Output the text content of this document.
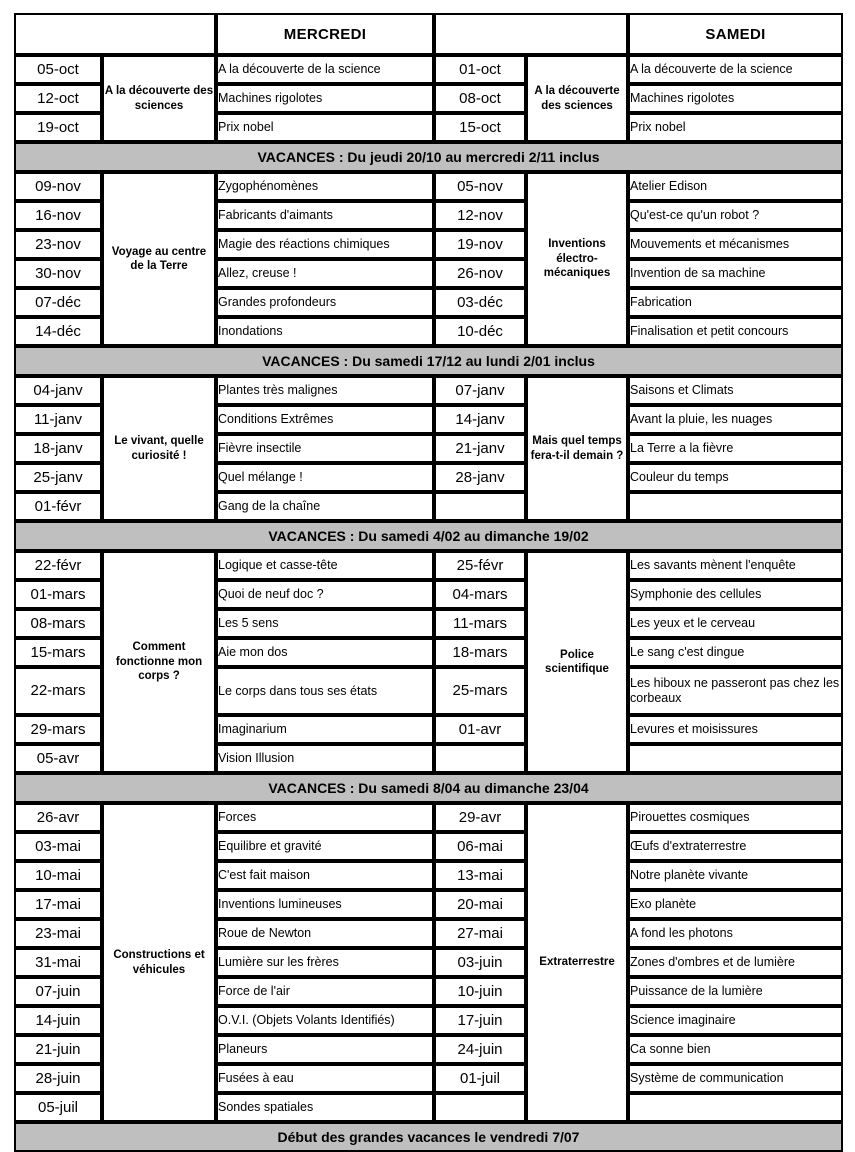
		MERCREDI			SAMEDI
05-oct	A la découverte des sciences	A la découverte de la science	01-oct	A la découverte des sciences	A la découverte de la science
12-oct		Machines rigolotes	08-oct		Machines rigolotes
19-oct		Prix nobel	15-oct		Prix nobel
VACANCES : Du jeudi 20/10 au mercredi 2/11 inclus					
09-nov	Voyage au centre de la Terre	Zygophénomènes	05-nov	Inventions électro-mécaniques	Atelier Edison
16-nov		Fabricants d'aimants	12-nov		Qu'est-ce qu'un robot ?
23-nov		Magie des réactions chimiques	19-nov		Mouvements et mécanismes
30-nov		Allez, creuse !	26-nov		Invention de sa machine
07-déc		Grandes profondeurs	03-déc		Fabrication
14-déc		Inondations	10-déc		Finalisation et petit concours
VACANCES : Du samedi 17/12 au lundi 2/01 inclus					
04-janv	Le vivant, quelle curiosité !	Plantes très malignes	07-janv	Mais quel temps fera-t-il demain ?	Saisons et Climats
11-janv		Conditions Extrêmes	14-janv		Avant la pluie, les nuages
18-janv		Fièvre insectile	21-janv		La Terre a la fièvre
25-janv		Quel mélange !	28-janv		Couleur du temps
01-févr		Gang de la chaîne			
VACANCES : Du samedi 4/02 au dimanche 19/02					
22-févr	Comment fonctionne mon corps ?	Logique et casse-tête	25-févr	Police scientifique	Les savants mènent l'enquête
01-mars		Quoi de neuf doc ?	04-mars		Symphonie des cellules
08-mars		Les 5 sens	11-mars		Les yeux et le cerveau
15-mars		Aie mon dos	18-mars		Le sang c'est dingue
22-mars		Le corps dans tous ses états	25-mars		Les hiboux ne passeront pas chez les corbeaux
29-mars		Imaginarium	01-avr		Levures et moisissures
05-avr		Vision Illusion			
VACANCES : Du samedi 8/04 au dimanche 23/04					
26-avr	Constructions et véhicules	Forces	29-avr	Extraterrestre	Pirouettes cosmiques
03-mai		Equilibre et gravité	06-mai		Œufs d'extraterrestre
10-mai		C'est fait maison	13-mai		Notre planète vivante
17-mai		Inventions lumineuses	20-mai		Exo planète
23-mai		Roue de Newton	27-mai		A fond les photons
31-mai		Lumière sur les frères	03-juin		Zones d'ombres et de lumière
07-juin		Force de l'air	10-juin		Puissance de la lumière
14-juin		O.V.I. (Objets Volants Identifiés)	17-juin		Science imaginaire
21-juin		Planeurs	24-juin		Ca sonne bien
28-juin		Fusées à eau	01-juil		Système de communication
05-juil		Sondes spatiales			
Début des grandes vacances le vendredi 7/07					
